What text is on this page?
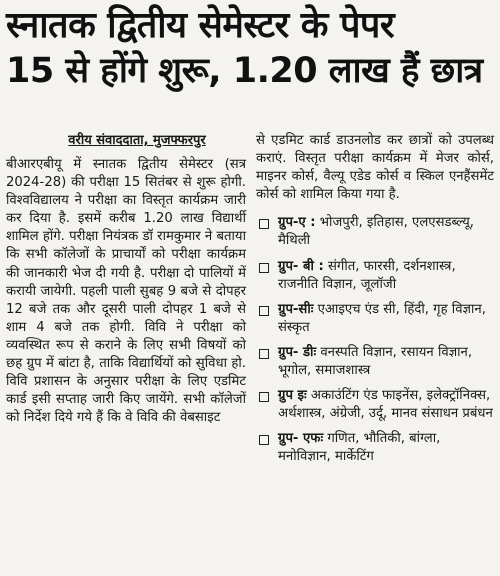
स्नातक द्वितीय सेमेस्टर के पेपर
15 से होंगे शुरू, 1.20 लाख हैं छात्र
वरीय संवाददाता, मुजफ्फरपुर

बीआरएबीयू में स्नातक द्वितीय सेमेस्टर (सत्र 2024-28) की परीक्षा 15 सितंबर से शुरू होगी. विश्वविद्यालय ने परीक्षा का विस्तृत कार्यक्रम जारी कर दिया है. इसमें करीब 1.20 लाख विद्यार्थी शामिल होंगे. परीक्षा नियंत्रक डॉ रामकुमार ने बताया कि सभी कॉलेजों के प्राचार्यों को परीक्षा कार्यक्रम की जानकारी भेज दी गयी है. परीक्षा दो पालियों में करायी जायेगी. पहली पाली सुबह 9 बजे से दोपहर 12 बजे तक और दूसरी पाली दोपहर 1 बजे से शाम 4 बजे तक होगी. विवि ने परीक्षा को व्यवस्थित रूप से कराने के लिए सभी विषयों को छह ग्रुप में बांटा है, ताकि विद्यार्थियों को सुविधा हो. विवि प्रशासन के अनुसार परीक्षा के लिए एडमिट कार्ड इसी सप्ताह जारी किए जायेंगे. सभी कॉलेजों को निर्देश दिये गये हैं कि वे विवि की वेबसाइट

से एडमिट कार्ड डाउनलोड कर छात्रों को उपलब्ध कराएं. विस्तृत परीक्षा कार्यक्रम में मेजर कोर्स, माइनर कोर्स, वैल्यू एडेड कोर्स व स्किल एनहैंसमेंट कोर्स को शामिल किया गया है.

ग्रुप-ए : भोजपुरी, इतिहास, एलएसडब्ल्यू, मैथिली
ग्रुप- बी : संगीत, फारसी, दर्शनशास्त्र, राजनीति विज्ञान, जूलॉजी
ग्रुप-सीः एआइएच एंड सी, हिंदी, गृह विज्ञान, संस्कृत
ग्रुप- डीः वनस्पति विज्ञान, रसायन विज्ञान, भूगोल, समाजशास्त्र
ग्रुप इः अकाउंटिंग एंड फाइनेंस, इलेक्ट्रॉनिक्स, अर्थशास्त्र, अंग्रेजी, उर्दू, मानव संसाधन प्रबंधन
ग्रुप- एफः गणित, भौतिकी, बांग्ला, मनोविज्ञान, मार्केटिंग
